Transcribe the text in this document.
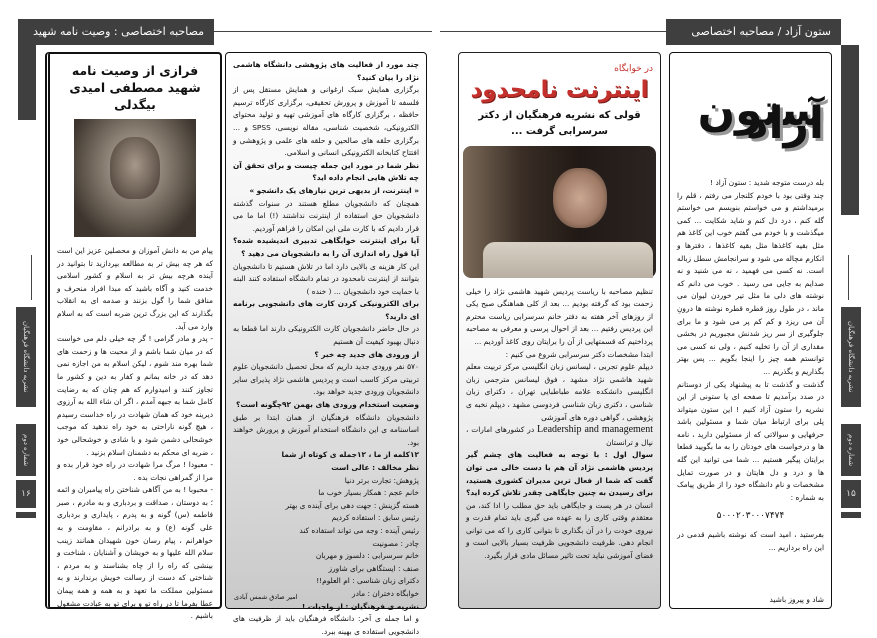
مصاحبه اختصاصی : وصیت نامه شهید	ستون آزاد / مصاحبه اختصاصی
نشریه دانشگاه فرهنگیان
شماره دوم
۱۶
نشریه دانشگاه فرهنگیان
شماره دوم
۱۵
فرازی از وصیت نامه شهید مصطفی امیدی بیگدلی

پیام من به دانش آموزان و محصلین عزیز این است که هر چه بیش تر به مطالعه بپردازید تا بتوانید در آینده هرچه بیش تر به اسلام و کشور اسلامی خدمت کنید و آگاه باشید که مبدا افراد منحرف و منافق شما را گول بزنند و صدمه ای به انقلاب بگذارند که این بزرگ ترین ضربه است که به اسلام وارد می آید.

- پدر و مادر گرامی ! گر چه خیلی دلم می خواست که در میان شما باشم و از محبت ها و زحمت های شما بهره مند شوم ، لیکن اسلام به من اجازه نمی دهد که در خانه بمانم و کفار به دین و کشور ما تجاوز کنند و امیدوارم که هم چنان که به رضایت کامل شما به جبهه آمدم ، اگر ان شاء الله به آرزوی دیرینه خود که همان شهادت در راه خداست رسیدم ، هیچ گونه ناراحتی به خود راه ندهید که موجب خوشحالی دشمن شود و با شادی و خوشحالی خود ، ضربه ای محکم به دشمنان اسلام بزنید .

- معبودا ! مرگ مرا شهادت در راه خود قرار بده و مرا از گمراهی نجات بده .

- محبوبا ! به من آگاهی شناختن راه پیامبران و ائمه ؛ به دوستان ، صداقت و بردباری و به مادرم ، صبر فاطمه (س) گونه و به پدرم ، پایداری و بردباری علی گونه (ع) و به برادرانم ، مقاومت و به خواهرانم ، پیام رسان خون شهیدان همانند زینب سلام الله علیها و به خویشان و آشنایان ، شناخت و بینشی که راه را از چاه بشناسند و به مردم ، شناختی که دست از رسالت خویش برندارند و به مسئولین مملکت ما تعهد و به همه و همه پیمان عطا بفرما تا در راه تو و برای تو به عبادت مشغول باشیم .

چند مورد از فعالیت های پژوهشی دانشگاه هاشمی نژاد را بیان کنید؟

برگزاری همایش سبک ارغوانی و همایش مستقل پس از فلسفه تا آموزش و پرورش تحقیقی، برگزاری کارگاه ترسیم حافظه ، برگزاری کارگاه های آموزشی تهیه و تولید محتوای الکترونیکی، شخصیت شناسی، مقاله نویسی، SPSS و ... برگزاری حلقه های صالحین و حلقه های علمی و پژوهشی و افتتاح کتابخانه الکترونیکی انسانی و اسلامی.

نظر شما در مورد این جمله چیست و برای تحقق آن چه تلاش هایی انجام داده اید؟

« اینترنت، از بدیهی ترین نیازهای یک دانشجو »

همچنان که دانشجویان مطلع هستند در سنوات گذشته دانشجویان حق استفاده از اینترنت نداشتند (!) اما ما می قرار دادیم که با کارت ملی این امکان را فراهم آوردیم.

آیا برای اینترنت خوابگاهی تدبیری اندیشیده شده؟ آیا قول راه اندازی آن را به دانشجویان می دهید ؟

این کار هزینه ی بالایی دارد اما در تلاش هستیم تا دانشجویان بتوانند از اینترنت نامحدود در تمام دانشگاه استفاده کنند البته با حمایت خود دانشجویان ... ( خنده )

برای الکترونیکی کردن کارت های دانشجویی برنامه ای دارید؟

در حال حاضر دانشجویان کارت الکترونیکی دارند اما قطعا به دنبال بهبود کیفیت آن هستیم

از ورودی های جدید چه خبر ؟

۵۷۰ نفر ورودی جدید داریم که محل تحصیل دانشجویان علوم تربیتی مرکز کاسب است و پردیس هاشمی نژاد پذیرای سایر دانشجویان ورودی جدید خواهد بود.

وضعیت استخدام ورودی های بهمن ۹۲چگونه است؟

دانشجویان دانشگاه فرهنگیان از همان ابتدا بر طبق اساسنامه ی این دانشگاه استخدام آموزش و پرورش خواهند بود.

۱۲کلمه از ما ، ۱۲جمله ی کوتاه از شما

نظر مخالف : عالی است

پژوهش: تجارت برتر دنیا

خانم عجم : همکار بسیار خوب ما

هسته گزینش : جهت دهی برای آینده ی بهتر

رئیس سابق : استفاده کردیم

رئیس آینده : وجه می تواند استفاده کند

چادر : مصونیت

خانم سرسرابی : دلسوز و مهربان

صنف : ایستگاهی برای شاورز

دکترای زبان شناسی : ام العلوم!!

خوابگاه دختران : مادر

نشریه ی فرهنگیان : از واجبات !

و اما جمله ی آخر: دانشگاه فرهنگیان باید از ظرفیت های دانشجویی استفاده ی بهینه ببرد.

امیر صادق شمس آبادی
در خوابگاه
اینترنت نامحدود
قولی که نشریه فرهنگیان از دکتر سرسرابی گرفت ...

تنظیم مصاحبه با ریاست پردیس شهید هاشمی نژاد را خیلی زحمت بود که گرفته بودیم ... بعد از کلی هماهنگی صبح یکی از روزهای آخر هفته به دفتر خانم سرسرابی ریاست محترم این پردیس رفتیم ... بعد از احوال پرسی و معرفی به مصاحبه پرداختیم که قسمتهایی از آن را برایتان روی کاغذ آوردیم ...

ابتدا مشخصات دکتر سرسرابی شروع می کنیم :

دیپلم علوم تجربی ، لیسانس زبان انگلیسی مرکز تربیت معلم شهید هاشمی نژاد مشهد ، فوق لیسانس مترجمی زبان انگلیسی دانشکده علامه طباطبایی تهران ، دکترای زبان شناسی ، دکتری زبان شناسی فردوسی مشهد ، دیپلم نخبه ی پژوهشی ، گواهی دوره های آموزشی

Leadership and management در کشورهای امارات ، نپال و ترانستان

سوال اول : با توجه به فعالیت های چشم گیر پردیس هاشمی نژاد آن هم با دست خالی می توان گفت که شما از فعال ترین مدیران کشوری هستید، برای رسیدن به چنین جایگاهی چقدر تلاش کرده اید؟

انسان در هر پست و جایگاهی باید حق مطلب را ادا کند، من معتقدم وقتی کاری را به عهده می گیری باید تمام قدرت و نیروی خودت را در آن بگذاری تا بتوانی کاری را که می توانی انجام دهی. ظرفیت دانشجویی ظرفیت بسیار بالایی است و فضای آموزشی نباید تحت تاثیر مسائل مادی قرار بگیرد.

ستون آزاد

بله درست متوجه شدید : ستون آزاد !

چند وقتی بود با خودم کلنجار می رفتم ، قلم را برمیداشتم و می خواستم بنویسم می خواستم گله کنم ، درد دل کنم و شاید شکایت ... کمی میگذشت و با خودم می گفتم خوب این کاغذ هم مثل بقیه کاغذها مثل بقیه کاغذها ، دفترها و انکارم مچاله می شود و سرانجامش سطل زباله است. نه کسی می فهمید ، نه می شنید و نه صدایم به جایی می رسید . خوب می دانم که نوشته های دلی ما مثل تیر خوردن لیوان می ماند ، در طول روز قطره قطره نوشته ها درونِ آن می ریزد و کم کم پر می شود و ما برای جلوگیری از سر ریز شدنش مجبوریم در بخشی مقداری از آن را تخلیه کنیم ، ولی نه کسی می توانستم همه چیز را اینجا بگویم ... پس بهتر بگذاریم و بگذریم ...

گذشت و گذشت تا به پیشنهاد یکی از دوستانم در صدد برآمدیم تا صفحه ای یا ستونی از این نشریه را ستون آزاد کنیم ! این ستون میتواند پلی برای ارتباط میان شما و مسئولین باشد حرفهایی و سوالاتی که از مسئولین دارید ، نامه ها و درخواست های خودتان را به ما بگویید قطعا برایتان پیگیر هستیم ... شما می توانید این گله ها و درد و دل هایتان و در صورت تمایل مشخصات و نام دانشگاه خود را از طریق پیامک به شماره :

۵۰۰۰۲۰۳۰۰۰۷۴۷۴

بفرستید ، امید است که نوشته باشیم قدمی در این راه برداریم ...

شاد و پیروز باشید
